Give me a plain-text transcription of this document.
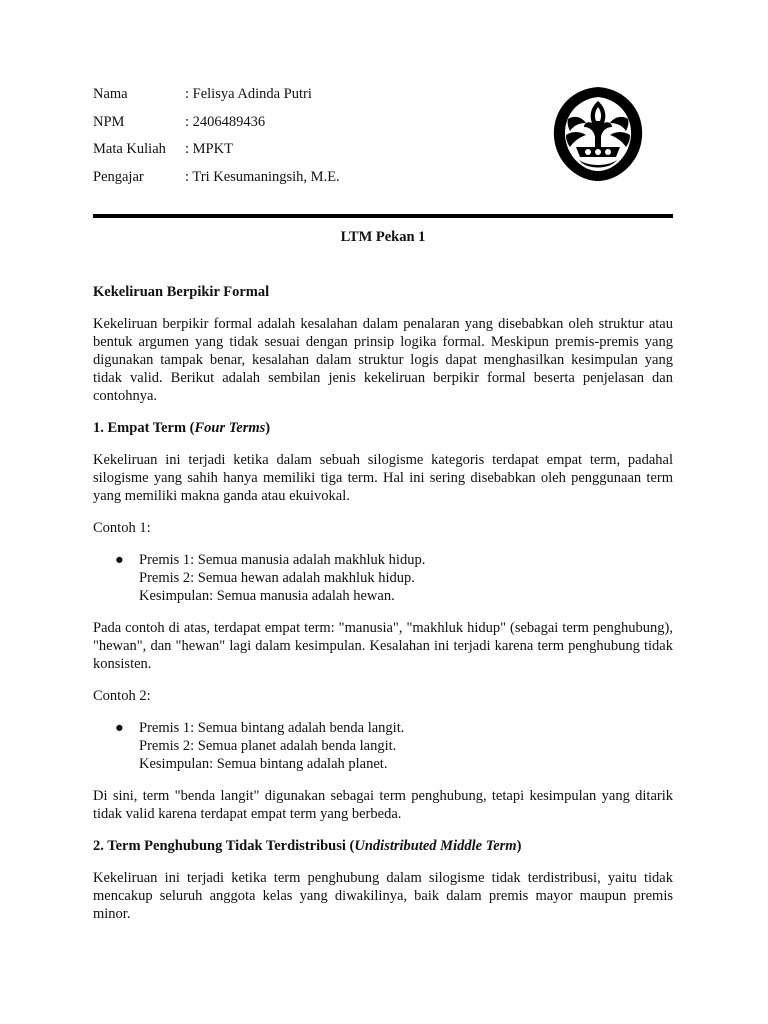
Nama	: Felisya Adinda Putri
NPM	: 2406489436
Mata Kuliah	: MPKT
Pengajar	: Tri Kesumaningsih, M.E.
LTM Pekan 1

Kekeliruan Berpikir Formal

Kekeliruan berpikir formal adalah kesalahan dalam penalaran yang disebabkan oleh struktur atau bentuk argumen yang tidak sesuai dengan prinsip logika formal. Meskipun premis-premis yang digunakan tampak benar, kesalahan dalam struktur logis dapat menghasilkan kesimpulan yang tidak valid. Berikut adalah sembilan jenis kekeliruan berpikir formal beserta penjelasan dan contohnya.

1. Empat Term (Four Terms)

Kekeliruan ini terjadi ketika dalam sebuah silogisme kategoris terdapat empat term, padahal silogisme yang sahih hanya memiliki tiga term. Hal ini sering disebabkan oleh penggunaan term yang memiliki makna ganda atau ekuivokal.

Contoh 1:

● Premis 1: Semua manusia adalah makhluk hidup.
Premis 2: Semua hewan adalah makhluk hidup.
Kesimpulan: Semua manusia adalah hewan.

Pada contoh di atas, terdapat empat term: "manusia", "makhluk hidup" (sebagai term penghubung), "hewan", dan "hewan" lagi dalam kesimpulan. Kesalahan ini terjadi karena term penghubung tidak konsisten.

Contoh 2:

● Premis 1: Semua bintang adalah benda langit.
Premis 2: Semua planet adalah benda langit.
Kesimpulan: Semua bintang adalah planet.

Di sini, term "benda langit" digunakan sebagai term penghubung, tetapi kesimpulan yang ditarik tidak valid karena terdapat empat term yang berbeda.

2. Term Penghubung Tidak Terdistribusi (Undistributed Middle Term)

Kekeliruan ini terjadi ketika term penghubung dalam silogisme tidak terdistribusi, yaitu tidak mencakup seluruh anggota kelas yang diwakilinya, baik dalam premis mayor maupun premis minor.
